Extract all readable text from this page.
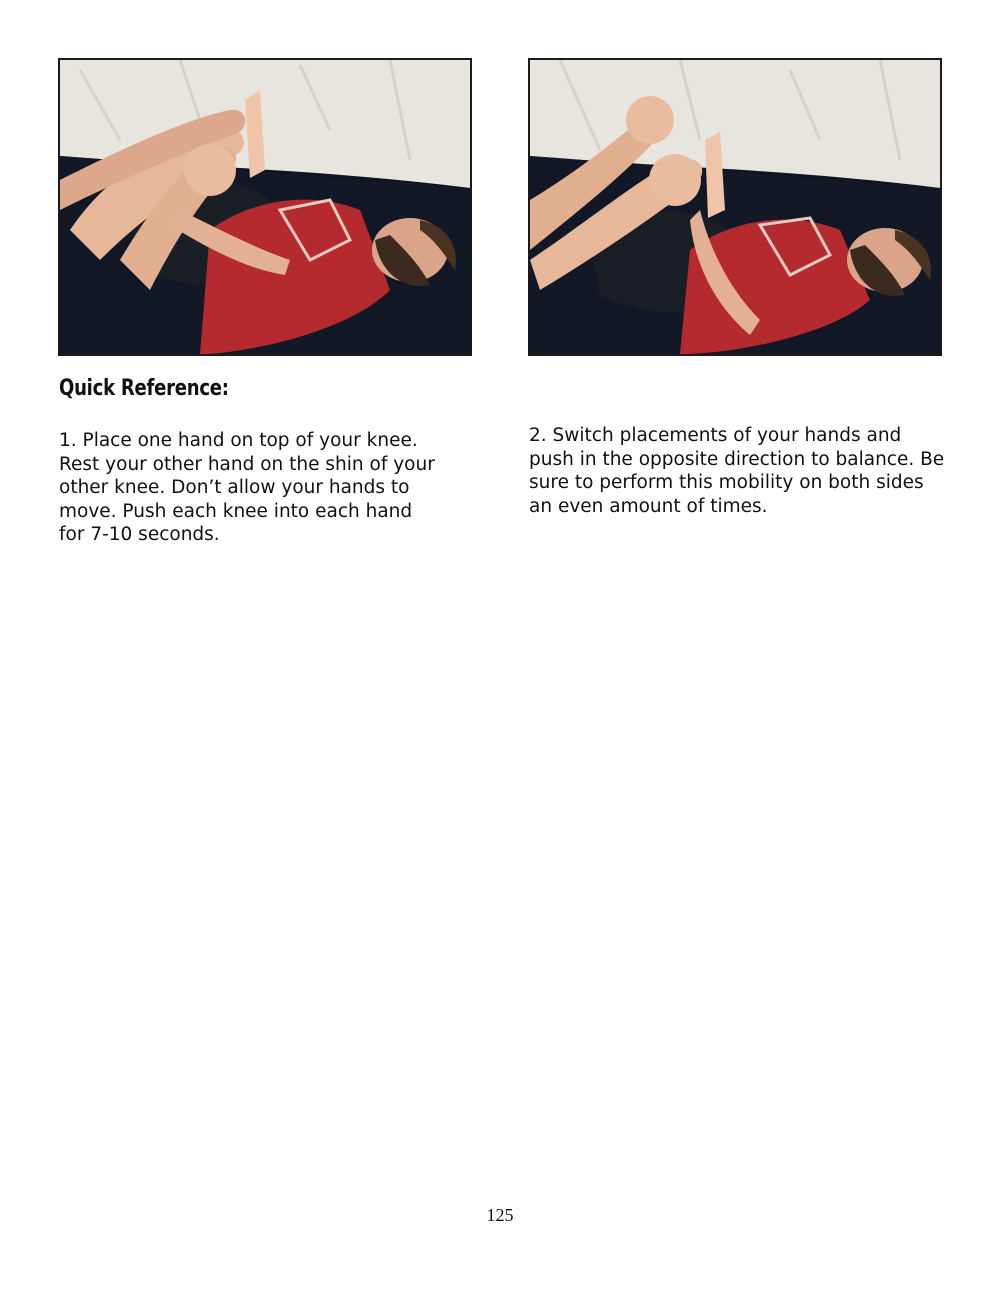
Quick Reference:

1. Place one hand on top of your knee. Rest your other hand on the shin of your other knee. Don’t allow your hands to move. Push each knee into each hand for 7-10 seconds.

2. Switch placements of your hands and push in the opposite direction to balance. Be sure to perform this mobility on both sides an even amount of times.

125
